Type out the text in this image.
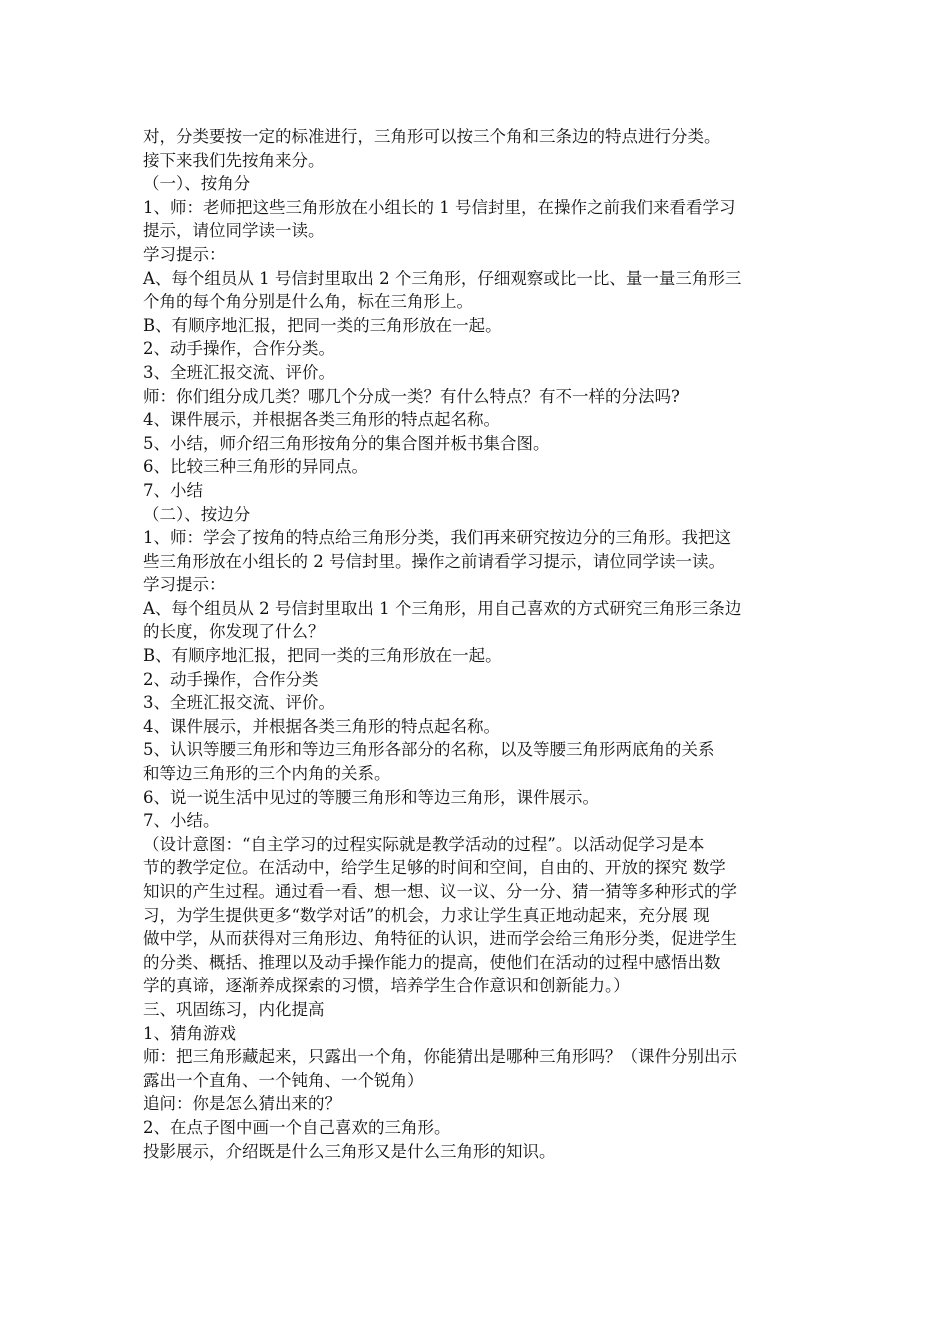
对，分类要按一定的标准进行，三角形可以按三个角和三条边的特点进行分类。

接下来我们先按角来分。

（一）、按角分

1、师：老师把这些三角形放在小组长的 1 号信封里，在操作之前我们来看看学习

提示，请位同学读一读。

学习提示：

A、每个组员从 1 号信封里取出 2 个三角形，仔细观察或比一比、量一量三角形三

个角的每个角分别是什么角，标在三角形上。

B、有顺序地汇报，把同一类的三角形放在一起。

2、动手操作，合作分类。

3、全班汇报交流、评价。

师：你们组分成几类？哪几个分成一类？有什么特点？有不一样的分法吗?

4、课件展示，并根据各类三角形的特点起名称。

5、小结，师介绍三角形按角分的集合图并板书集合图。

6、比较三种三角形的异同点。

7、小结

（二）、按边分

1、师：学会了按角的特点给三角形分类，我们再来研究按边分的三角形。我把这

些三角形放在小组长的 2 号信封里。操作之前请看学习提示，请位同学读一读。

学习提示：

A、每个组员从 2 号信封里取出 1 个三角形，用自己喜欢的方式研究三角形三条边

的长度，你发现了什么？

B、有顺序地汇报，把同一类的三角形放在一起。

2、动手操作，合作分类

3、全班汇报交流、评价。

4、课件展示，并根据各类三角形的特点起名称。

5、认识等腰三角形和等边三角形各部分的名称，以及等腰三角形两底角的关系

和等边三角形的三个内角的关系。

6、说一说生活中见过的等腰三角形和等边三角形，课件展示。

7、小结。

（设计意图：“自主学习的过程实际就是教学活动的过程”。以活动促学习是本

节的教学定位。在活动中，给学生足够的时间和空间，自由的、开放的探究 数学

知识的产生过程。通过看一看、想一想、议一议、分一分、猜一猜等多种形式的学

习，为学生提供更多“数学对话”的机会，力求让学生真正地动起来，充分展 现

做中学，从而获得对三角形边、角特征的认识，进而学会给三角形分类，促进学生

的分类、概括、推理以及动手操作能力的提高，使他们在活动的过程中感悟出数

学的真谛，逐渐养成探索的习惯，培养学生合作意识和创新能力。）

三、巩固练习，内化提高

1、猜角游戏

师：把三角形藏起来，只露出一个角，你能猜出是哪种三角形吗？（课件分别出示

露出一个直角、一个钝角、一个锐角）

追问：你是怎么猜出来的？

2、在点子图中画一个自己喜欢的三角形。

投影展示，介绍既是什么三角形又是什么三角形的知识。
